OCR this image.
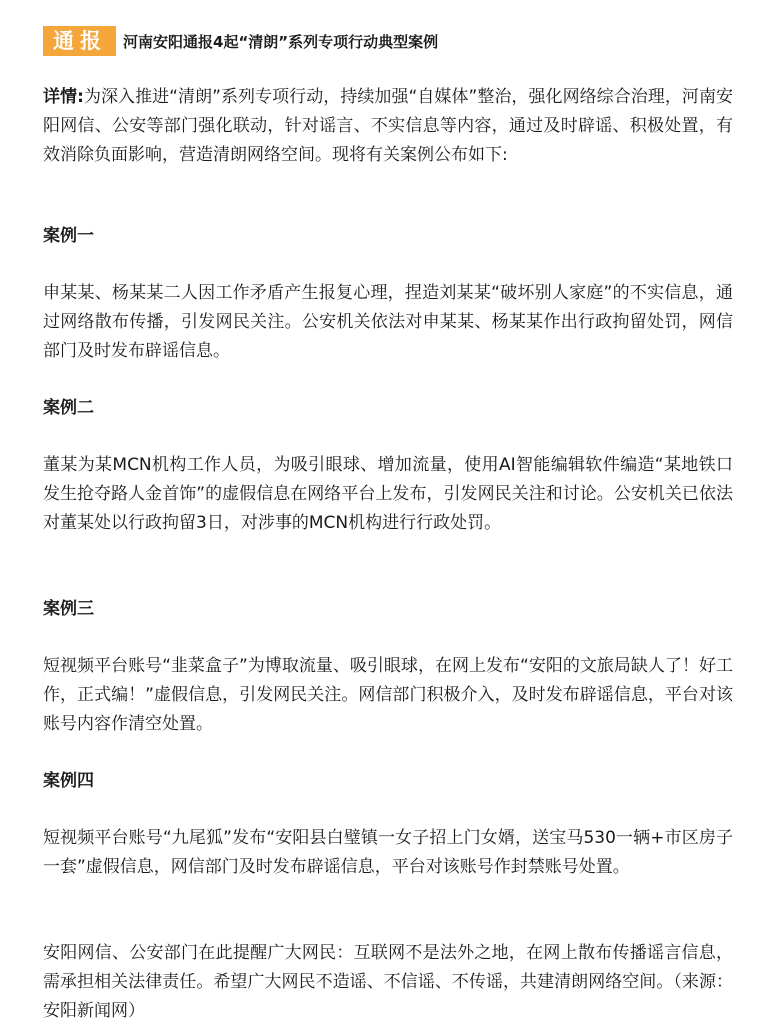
通报	河南安阳通报4起“清朗”系列专项行动典型案例

详情:为深入推进“清朗”系列专项行动，持续加强“自媒体”整治，强化网络综合治理，河南安阳网信、公安等部门强化联动，针对谣言、不实信息等内容，通过及时辟谣、积极处置，有效消除负面影响，营造清朗网络空间。现将有关案例公布如下:

案例一

申某某、杨某某二人因工作矛盾产生报复心理，捏造刘某某“破坏别人家庭”的不实信息，通过网络散布传播，引发网民关注。公安机关依法对申某某、杨某某作出行政拘留处罚，网信部门及时发布辟谣信息。

案例二

董某为某MCN机构工作人员，为吸引眼球、增加流量，使用AI智能编辑软件编造“某地铁口发生抢夺路人金首饰”的虚假信息在网络平台上发布，引发网民关注和讨论。公安机关已依法对董某处以行政拘留3日，对涉事的MCN机构进行行政处罚。

案例三

短视频平台账号“韭菜盒子”为博取流量、吸引眼球，在网上发布“安阳的文旅局缺人了！好工作，正式编！”虚假信息，引发网民关注。网信部门积极介入，及时发布辟谣信息，平台对该账号内容作清空处置。

案例四

短视频平台账号“九尾狐”发布“安阳县白璧镇一女子招上门女婿，送宝马530一辆+市区房子一套”虚假信息，网信部门及时发布辟谣信息，平台对该账号作封禁账号处置。

安阳网信、公安部门在此提醒广大网民：互联网不是法外之地，在网上散布传播谣言信息，需承担相关法律责任。希望广大网民不造谣、不信谣、不传谣，共建清朗网络空间。（来源：安阳新闻网）
